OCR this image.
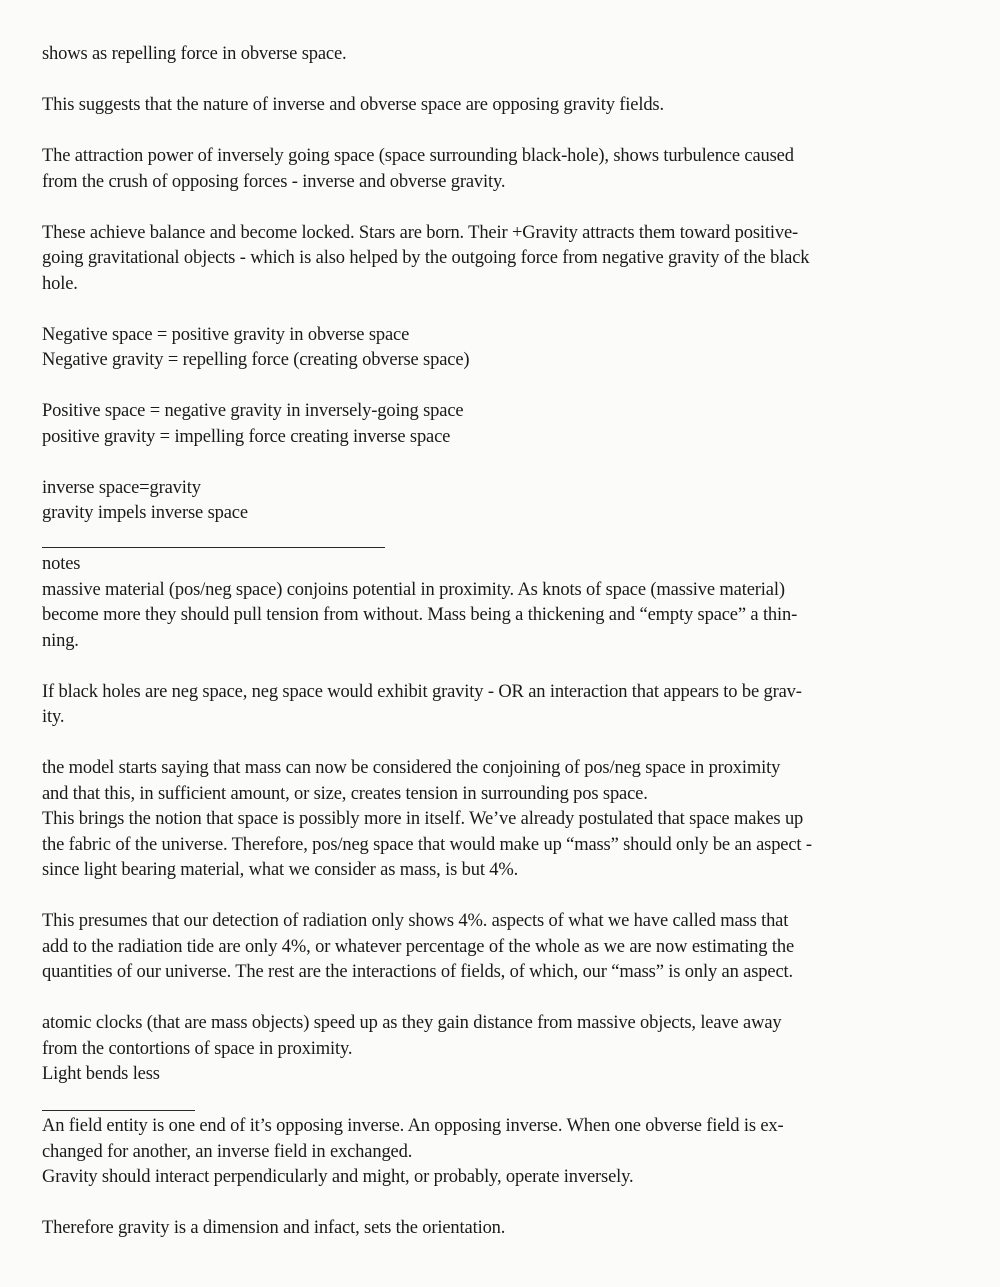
shows as repelling force in obverse space.
This suggests that the nature of inverse and obverse space are opposing gravity fields.
The attraction power of inversely going space (space surrounding black-hole), shows turbulence caused
from the crush of opposing forces - inverse and obverse gravity.
These achieve balance and become locked. Stars are born. Their +Gravity attracts them toward positive-
going gravitational objects - which is also helped by the outgoing force from negative gravity of the black
hole.
Negative space = positive gravity in obverse space
Negative gravity = repelling force (creating obverse space)
Positive space = negative gravity in inversely-going space
positive gravity = impelling force creating inverse space
inverse space=gravity
gravity impels inverse space
notes
massive material (pos/neg space) conjoins potential in proximity. As knots of space (massive material)
become more they should pull tension from without. Mass being a thickening and “empty space” a thin-
ning.
If black holes are neg space, neg space would exhibit gravity - OR an interaction that appears to be grav-
ity.
the model starts saying that mass can now be considered the conjoining of pos/neg space in proximity
and that this, in sufficient amount, or size, creates tension in surrounding pos space.
This brings the notion that space is possibly more in itself. We’ve already postulated that space makes up
the fabric of the universe. Therefore, pos/neg space that would make up “mass” should only be an aspect -
since light bearing material, what we consider as mass, is but 4%.
This presumes that our detection of radiation only shows 4%. aspects of what we have called mass that
add to the radiation tide are only 4%, or whatever percentage of the whole as we are now estimating the
quantities of our universe. The rest are the interactions of fields, of which, our “mass” is only an aspect.
atomic clocks (that are mass objects) speed up as they gain distance from massive objects, leave away
from the contortions of space in proximity.
Light bends less
An field entity is one end of it’s opposing inverse. An opposing inverse. When one obverse field is ex-
changed for another, an inverse field in exchanged.
Gravity should interact perpendicularly and might, or probably, operate inversely.
Therefore gravity is a dimension and infact, sets the orientation.
